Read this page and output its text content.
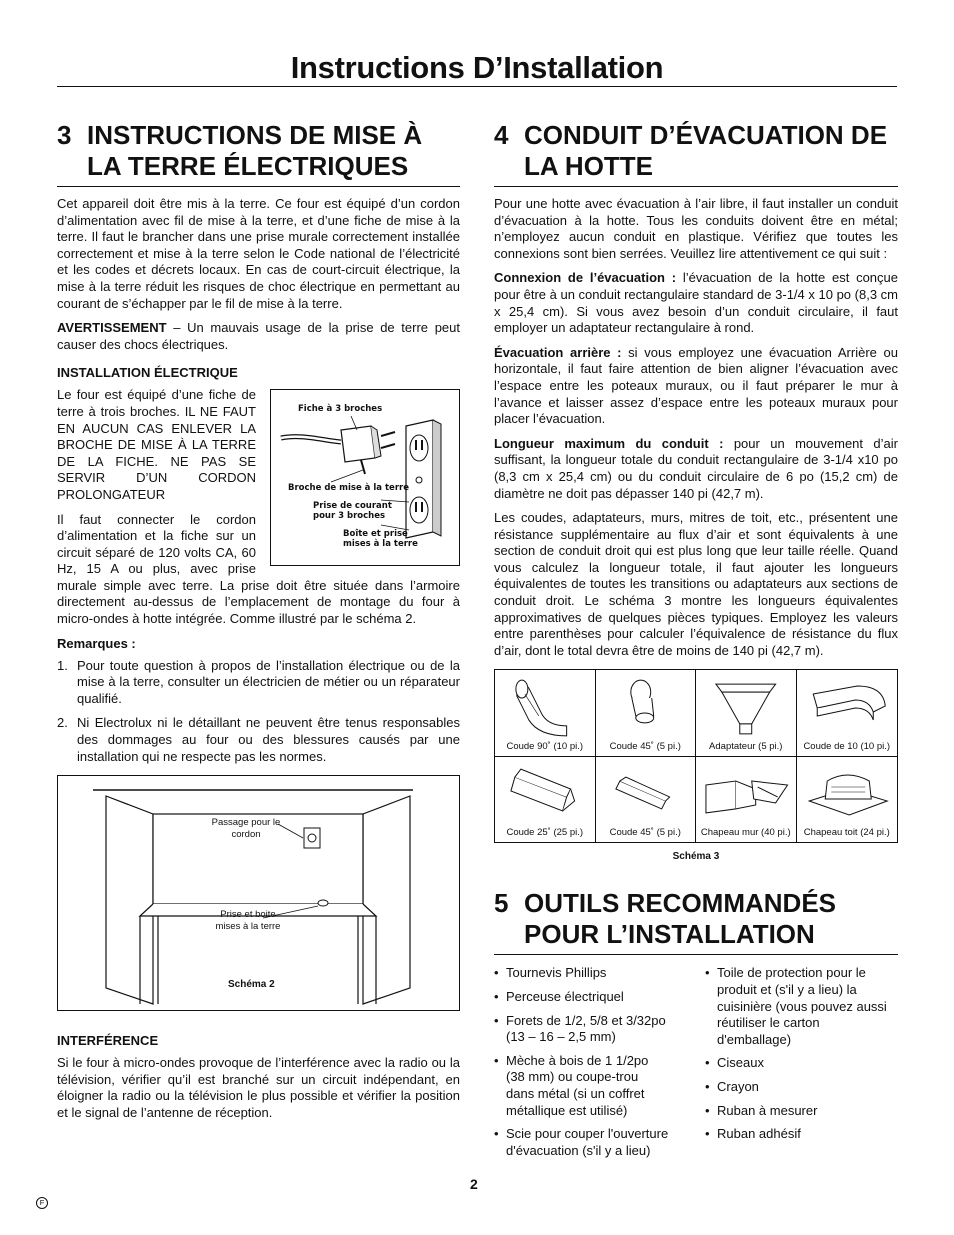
Instructions D’Installation
3 INSTRUCTIONS DE MISE À LA TERRE ÉLECTRIQUES

Cet appareil doit être mis à la terre. Ce four est équipé d’un cordon d’alimentation avec fil de mise à la terre, et d’une fiche de mise à la terre. Il faut le brancher dans une prise murale correctement installée correctement et mise à la terre selon le Code national de l’électricité et les codes et décrets locaux. En cas de court-circuit électrique, la mise à la terre réduit les risques de choc électrique en permettant au courant de s’échapper par le fil de mise à la terre.

AVERTISSEMENT – Un mauvais usage de la prise de terre peut causer des chocs électriques.

INSTALLATION ÉLECTRIQUE
Fiche à 3 broches
Broche de mise à la terre
Prise de courant pour 3 broches
Boîte et prise mises à la terre

Le four est équipé d’une fiche de terre à trois broches. IL NE FAUT EN AUCUN CAS ENLEVER LA BROCHE DE MISE À LA TERRE DE LA FICHE. NE PAS SE SERVIR D’UN CORDON PROLONGATEUR

Il faut connecter le cordon d’alimentation et la fiche sur un circuit séparé de 120 volts CA, 60 Hz, 15 A ou plus, avec prise murale simple avec terre. La prise doit être située dans l’armoire directement au-dessus de l’emplacement de montage du four à micro-ondes à hotte intégrée. Comme illustré par le schéma 2.

Remarques :
1. Pour toute question à propos de l’installation électrique ou de la mise à la terre, consulter un électricien de métier ou un réparateur qualifié.
2. Ni Electrolux ni le détaillant ne peuvent être tenus responsables des dommages au four ou des blessures causés par une installation qui ne respecte pas les normes.
Passage pour le cordon
Prise et boite mises à la terre
Schéma 2
INTERFÉRENCE

Si le four à micro-ondes provoque de l’interférence avec la radio ou la télévision, vérifier qu’il est branché sur un circuit indépendant, en éloigner la radio ou la télévision le plus possible et vérifier la position et le signal de l’antenne de réception.

4 CONDUIT D’ÉVACUATION DE LA HOTTE

Pour une hotte avec évacuation à l’air libre, il faut installer un conduit d’évacuation à la hotte. Tous les conduits doivent être en métal; n’employez aucun conduit en plastique. Vérifiez que toutes les connexions sont bien serrées. Veuillez lire attentivement ce qui suit :

Connexion de l’évacuation : l’évacuation de la hotte est conçue pour être à un conduit rectangulaire standard de 3-1/4 x 10 po (8,3 cm x 25,4 cm). Si vous avez besoin d’un conduit circulaire, il faut employer un adaptateur rectangulaire à rond.

Évacuation arrière : si vous employez une évacuation Arrière ou horizontale, il faut faire attention de bien aligner l’évacuation avec l’espace entre les poteaux muraux, ou il faut préparer le mur à l’avance et laisser assez d’espace entre les poteaux muraux pour placer l’évacuation.

Longueur maximum du conduit : pour un mouvement d’air suffisant, la longueur totale du conduit rectangulaire de 3-1/4 x10 po (8,3 cm x 25,4 cm) ou du conduit circulaire de 6 po (15,2 cm) de diamètre ne doit pas dépasser 140 pi (42,7 m).

Les coudes, adaptateurs, murs, mitres de toit, etc., présentent une résistance supplémentaire au flux d’air et sont équivalents à une section de conduit droit qui est plus long que leur taille réelle. Quand vous calculez la longueur totale, il faut ajouter les longueurs équivalentes de toutes les transitions ou adaptateurs aux sections de conduit droit. Le schéma 3 montre les longueurs équivalentes approximatives de quelques pièces typiques. Employez les valeurs entre parenthèses pour calculer l’équivalence de résistance du flux d’air, dont le total devra être de moins de 140 pi (42,7 m).

Coude 90˚ (10 pi.)	Coude 45˚ (5 pi.)	Adaptateur (5 pi.)	Coude de 10 (10 pi.)
Coude 25˚ (25 pi.)	Coude 45˚ (5 pi.)	Chapeau mur (40 pi.)	Chapeau toit (24 pi.)
Schéma 3
5 OUTILS RECOMMANDÉS POUR L’INSTALLATION
• Tournevis Phillips
• Perceuse électriquel
• Forets de 1/2, 5/8 et 3/32po (13 – 16 – 2,5 mm)
• Mèche à bois de 1 1/2po (38 mm) ou coupe-trou dans métal (si un coffret métallique est utilisé)
• Scie pour couper l'ouverture d'évacuation (s'il y a lieu)
• Toile de protection pour le produit et (s'il y a lieu) la cuisinière (vous pouvez aussi réutiliser le carton d'emballage)
• Ciseaux
• Crayon
• Ruban à mesurer
• Ruban adhésif
2
F
